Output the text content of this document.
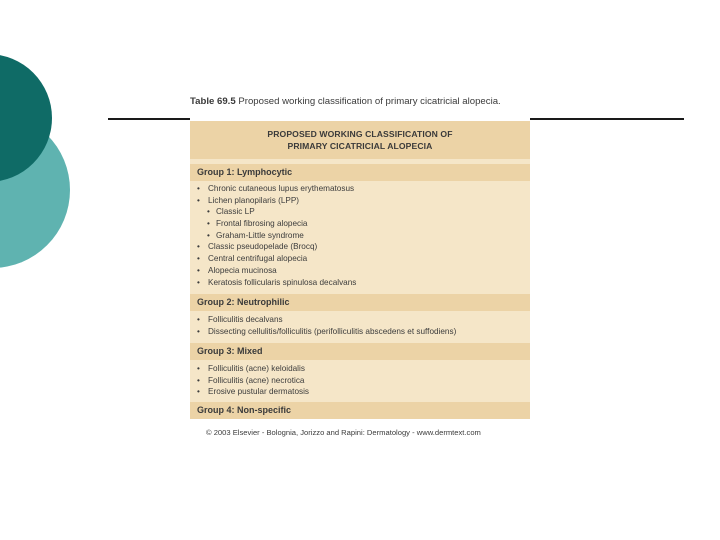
Table 69.5 Proposed working classification of primary cicatricial alopecia.
PROPOSED WORKING CLASSIFICATION OF
PRIMARY CICATRICIAL ALOPECIA
Group 1: Lymphocytic
• Chronic cutaneous lupus erythematosus
• Lichen planopilaris (LPP)
• Classic LP
• Frontal fibrosing alopecia
• Graham-Little syndrome
• Classic pseudopelade (Brocq)
• Central centrifugal alopecia
• Alopecia mucinosa
• Keratosis follicularis spinulosa decalvans
Group 2: Neutrophilic
• Folliculitis decalvans
• Dissecting cellulitis/folliculitis (perifolliculitis abscedens et suffodiens)
Group 3: Mixed
• Folliculitis (acne) keloidalis
• Folliculitis (acne) necrotica
• Erosive pustular dermatosis
Group 4: Non-specific
© 2003 Elsevier - Bolognia, Jorizzo and Rapini: Dermatology - www.dermtext.com
